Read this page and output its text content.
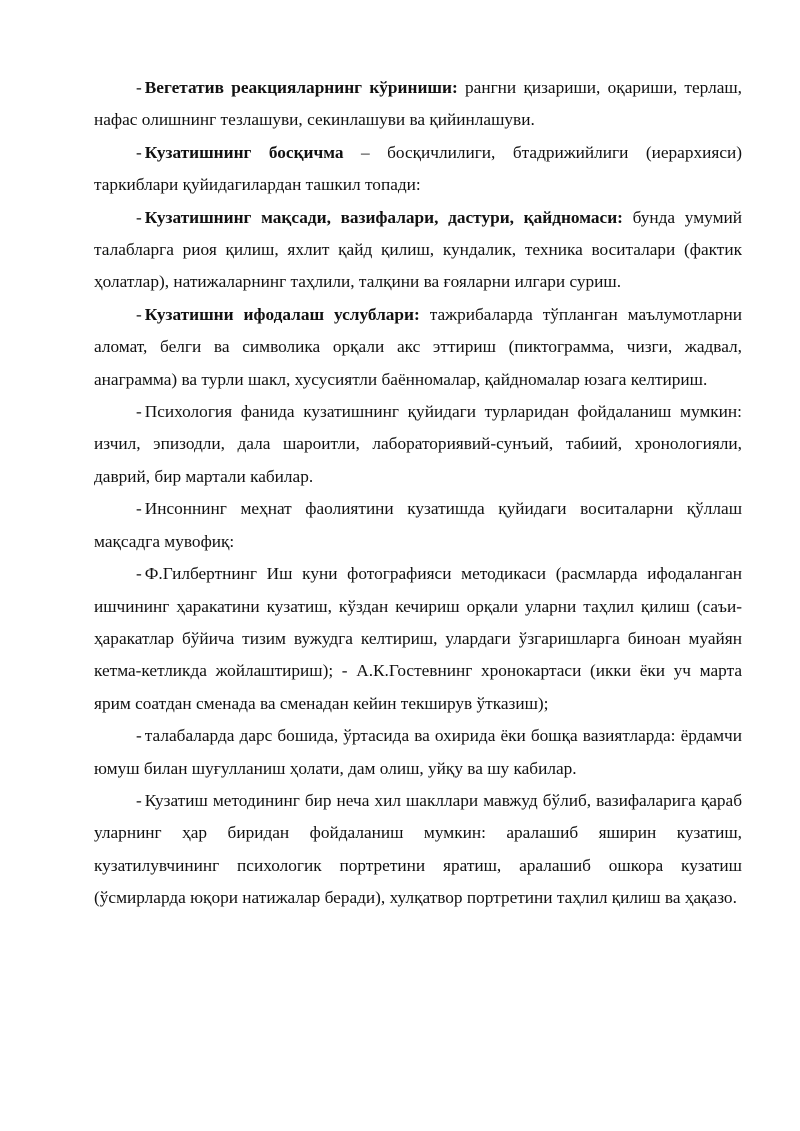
- Вегетатив реакцияларнинг кўриниши: рангни қизариши, оқариши, терлаш, нафас олишнинг тезлашуви, секинлашуви ва қийинлашуви.

- Кузатишнинг босқичма – босқичлилиги, бтадрижийлиги (иерархияси) таркиблари қуйидагилардан ташкил топади:

- Кузатишнинг мақсади, вазифалари, дастури, қайдномаси: бунда умумий талабларга риоя қилиш, яхлит қайд қилиш, кундалик, техника воситалари (фактик ҳолатлар), натижаларнинг таҳлили, талқини ва ғояларни илгари суриш.

- Кузатишни ифодалаш услублари: тажрибаларда тўпланган маълумотларни аломат, белги ва символика орқали акс эттириш (пиктограмма, чизги, жадвал, анаграмма) ва турли шакл, хусусиятли баённомалар, қайдномалар юзага келтириш.

- Психология фанида кузатишнинг қуйидаги турларидан фойдаланиш мумкин: изчил, эпизодли, дала шароитли, лабораториявий-сунъий, табиий, хронологияли, даврий, бир мартали кабилар.

- Инсоннинг меҳнат фаолиятини кузатишда қуйидаги воситаларни қўллаш мақсадга мувофиқ:

- Ф.Гилбертнинг Иш куни фотографияси методикаси (расмларда ифодаланган ишчининг ҳаракатини кузатиш, кўздан кечириш орқали уларни таҳлил қилиш (саъи- ҳаракатлар бўйича тизим вужудга келтириш, улардаги ўзгаришларга биноан муайян кетма-кетликда жойлаштириш); - А.К.Гостевнинг хронокартаси (икки ёки уч марта ярим соатдан сменада ва сменадан кейин текширув ўтказиш);

- талабаларда дарс бошида, ўртасида ва охирида ёки бошқа вазиятларда: ёрдамчи юмуш билан шуғулланиш ҳолати, дам олиш, уйқу ва шу кабилар.

- Кузатиш методининг бир неча хил шакллари мавжуд бўлиб, вазифаларига қараб уларнинг ҳар биридан фойдаланиш мумкин: аралашиб яширин кузатиш, кузатилувчининг психологик портретини яратиш, аралашиб ошкора кузатиш (ўсмирларда юқори натижалар беради), хулқатвор портретини таҳлил қилиш ва ҳақазо.
